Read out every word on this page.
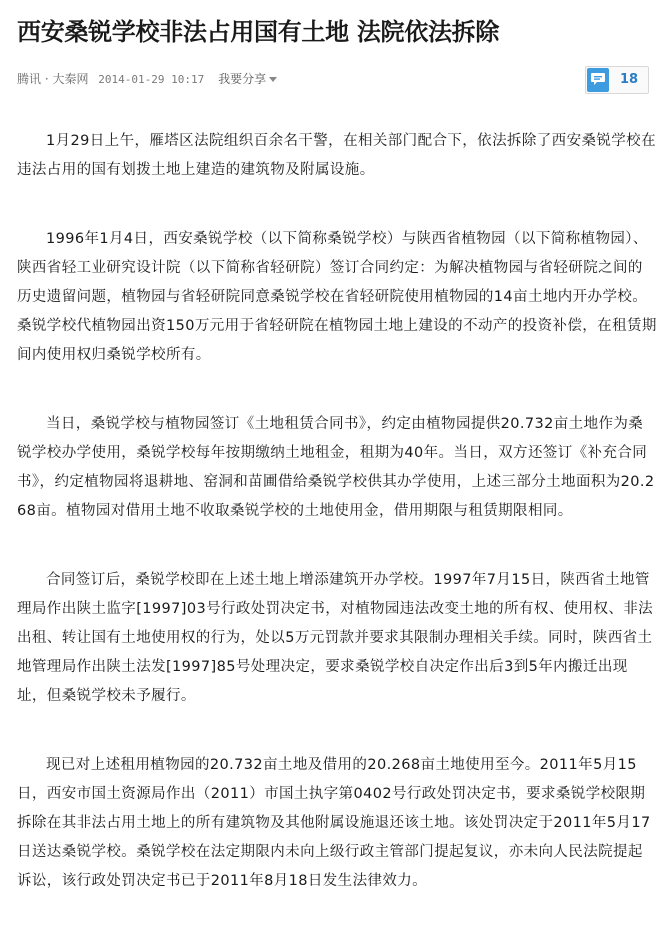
西安桑锐学校非法占用国有土地 法院依法拆除
腾讯 · 大秦网 2014-01-29 10:17 我要分享	18

1月29日上午，雁塔区法院组织百余名干警，在相关部门配合下，依法拆除了西安桑锐学校在违法占用的国有划拨土地上建造的建筑物及附属设施。

1996年1月4日，西安桑锐学校（以下简称桑锐学校）与陕西省植物园（以下简称植物园）、陕西省轻工业研究设计院（以下简称省轻研院）签订合同约定：为解决植物园与省轻研院之间的历史遗留问题，植物园与省轻研院同意桑锐学校在省轻研院使用植物园的14亩土地内开办学校。桑锐学校代植物园出资150万元用于省轻研院在植物园土地上建设的不动产的投资补偿，在租赁期间内使用权归桑锐学校所有。

当日，桑锐学校与植物园签订《土地租赁合同书》，约定由植物园提供20.732亩土地作为桑锐学校办学使用，桑锐学校每年按期缴纳土地租金，租期为40年。当日，双方还签订《补充合同书》，约定植物园将退耕地、窑洞和苗圃借给桑锐学校供其办学使用，上述三部分土地面积为20.268亩。植物园对借用土地不收取桑锐学校的土地使用金，借用期限与租赁期限相同。

合同签订后，桑锐学校即在上述土地上增添建筑开办学校。1997年7月15日，陕西省土地管理局作出陕土监字[1997]03号行政处罚决定书，对植物园违法改变土地的所有权、使用权、非法出租、转让国有土地使用权的行为，处以5万元罚款并要求其限制办理相关手续。同时，陕西省土地管理局作出陕土法发[1997]85号处理决定，要求桑锐学校自决定作出后3到5年内搬迁出现址，但桑锐学校未予履行。

现已对上述租用植物园的20.732亩土地及借用的20.268亩土地使用至今。2011年5月15日，西安市国土资源局作出（2011）市国土执字第0402号行政处罚决定书，要求桑锐学校限期拆除在其非法占用土地上的所有建筑物及其他附属设施退还该土地。该处罚决定于2011年5月17日送达桑锐学校。桑锐学校在法定期限内未向上级行政主管部门提起复议，亦未向人民法院提起诉讼，该行政处罚决定书已于2011年8月18日发生法律效力。
